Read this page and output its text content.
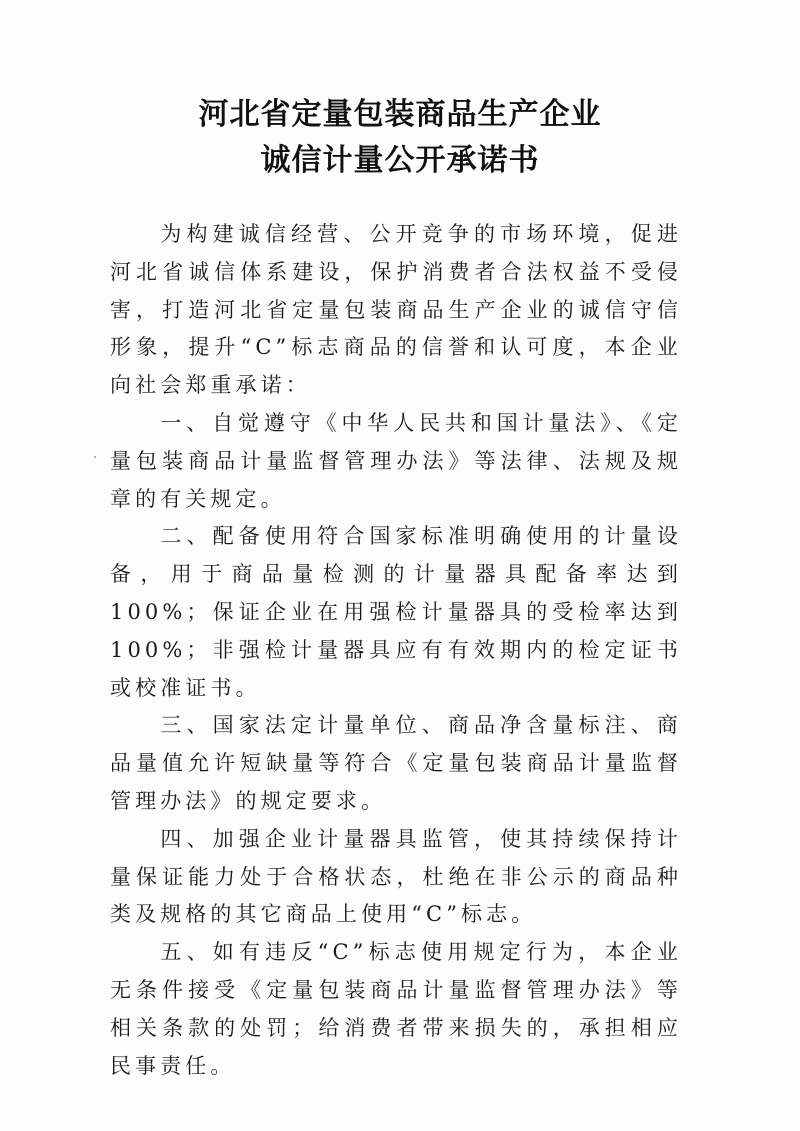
河北省定量包装商品生产企业
诚信计量公开承诺书

为构建诚信经营、公开竞争的市场环境，促进河北省诚信体系建设，保护消费者合法权益不受侵害，打造河北省定量包装商品生产企业的诚信守信形象，提升“C”标志商品的信誉和认可度，本企业向社会郑重承诺：

一、自觉遵守《中华人民共和国计量法》、《定量包装商品计量监督管理办法》等法律、法规及规章的有关规定。

二、配备使用符合国家标准明确使用的计量设备，用于商品量检测的计量器具配备率达到100%；保证企业在用强检计量器具的受检率达到100%；非强检计量器具应有有效期内的检定证书或校准证书。

三、国家法定计量单位、商品净含量标注、商品量值允许短缺量等符合《定量包装商品计量监督管理办法》的规定要求。

四、加强企业计量器具监管，使其持续保持计量保证能力处于合格状态，杜绝在非公示的商品种类及规格的其它商品上使用“C”标志。

五、如有违反“C”标志使用规定行为，本企业无条件接受《定量包装商品计量监督管理办法》等相关条款的处罚；给消费者带来损失的，承担相应民事责任。
